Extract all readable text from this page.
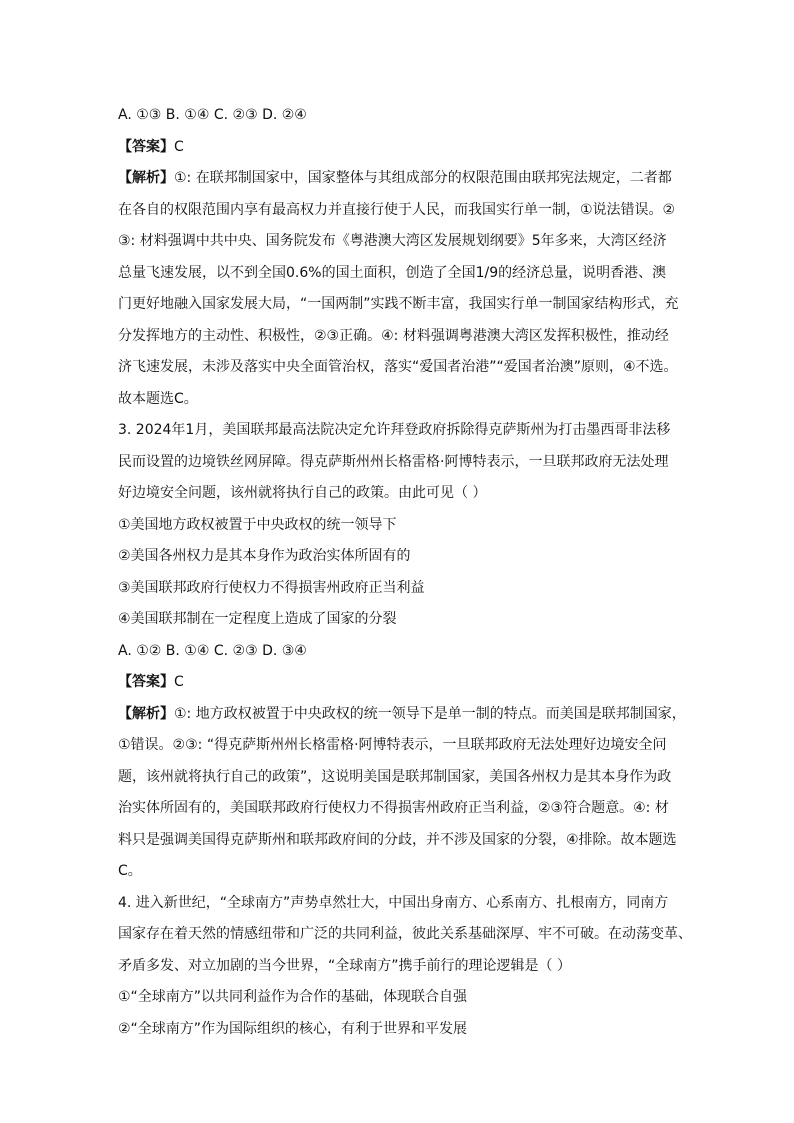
A. ①③ B. ①④ C. ②③ D. ②④
【答案】C
【解析】①: 在联邦制国家中，国家整体与其组成部分的权限范围由联邦宪法规定，二者都
在各自的权限范围内享有最高权力并直接行使于人民，而我国实行单一制，①说法错误。②
③: 材料强调中共中央、国务院发布《粤港澳大湾区发展规划纲要》5年多来，大湾区经济
总量飞速发展，以不到全国0.6%的国土面积，创造了全国1/9的经济总量，说明香港、澳
门更好地融入国家发展大局，“一国两制”实践不断丰富，我国实行单一制国家结构形式，充
分发挥地方的主动性、积极性，②③正确。④: 材料强调粤港澳大湾区发挥积极性，推动经
济飞速发展，未涉及落实中央全面管治权，落实“爱国者治港”“爱国者治澳”原则，④不选。
故本题选C。
3. 2024年1月，美国联邦最高法院决定允许拜登政府拆除得克萨斯州为打击墨西哥非法移
民而设置的边境铁丝网屏障。得克萨斯州州长格雷格·阿博特表示，一旦联邦政府无法处理
好边境安全问题，该州就将执行自己的政策。由此可见（ ）
①美国地方政权被置于中央政权的统一领导下
②美国各州权力是其本身作为政治实体所固有的
③美国联邦政府行使权力不得损害州政府正当利益
④美国联邦制在一定程度上造成了国家的分裂
A. ①② B. ①④ C. ②③ D. ③④
【答案】C
【解析】①: 地方政权被置于中央政权的统一领导下是单一制的特点。而美国是联邦制国家，
①错误。②③: “得克萨斯州州长格雷格·阿博特表示，一旦联邦政府无法处理好边境安全问
题，该州就将执行自己的政策”，这说明美国是联邦制国家，美国各州权力是其本身作为政
治实体所固有的，美国联邦政府行使权力不得损害州政府正当利益，②③符合题意。④: 材
料只是强调美国得克萨斯州和联邦政府间的分歧，并不涉及国家的分裂，④排除。故本题选
C。
4. 进入新世纪，“全球南方”声势卓然壮大，中国出身南方、心系南方、扎根南方，同南方
国家存在着天然的情感纽带和广泛的共同利益，彼此关系基础深厚、牢不可破。在动荡变革、
矛盾多发、对立加剧的当今世界，“全球南方”携手前行的理论逻辑是（ ）
①“全球南方”以共同利益作为合作的基础，体现联合自强
②“全球南方”作为国际组织的核心，有利于世界和平发展
